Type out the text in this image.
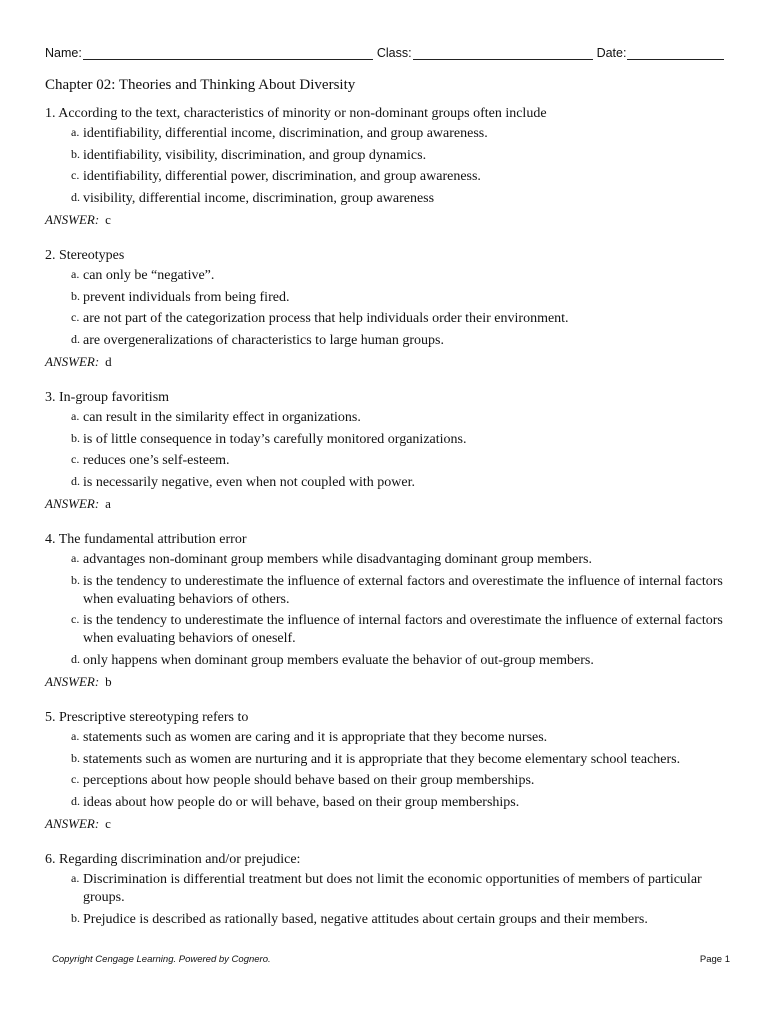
Name:	Class:	Date:
Chapter 02: Theories and Thinking About Diversity
1. According to the text, characteristics of minority or non-dominant groups often include
a. identifiability, differential income, discrimination, and group awareness.
b. identifiability, visibility, discrimination, and group dynamics.
c. identifiability, differential power, discrimination, and group awareness.
d. visibility, differential income, discrimination, group awareness
ANSWER: c
2. Stereotypes
a. can only be “negative”.
b. prevent individuals from being fired.
c. are not part of the categorization process that help individuals order their environment.
d. are overgeneralizations of characteristics to large human groups.
ANSWER: d
3. In-group favoritism
a. can result in the similarity effect in organizations.
b. is of little consequence in today’s carefully monitored organizations.
c. reduces one’s self-esteem.
d. is necessarily negative, even when not coupled with power.
ANSWER: a
4. The fundamental attribution error
a. advantages non-dominant group members while disadvantaging dominant group members.
b. is the tendency to underestimate the influence of external factors and overestimate the influence of internal factors when evaluating behaviors of others.
c. is the tendency to underestimate the influence of internal factors and overestimate the influence of external factors when evaluating behaviors of oneself.
d. only happens when dominant group members evaluate the behavior of out-group members.
ANSWER: b
5. Prescriptive stereotyping refers to
a. statements such as women are caring and it is appropriate that they become nurses.
b. statements such as women are nurturing and it is appropriate that they become elementary school teachers.
c. perceptions about how people should behave based on their group memberships.
d. ideas about how people do or will behave, based on their group memberships.
ANSWER: c
6. Regarding discrimination and/or prejudice:
a. Discrimination is differential treatment but does not limit the economic opportunities of members of particular groups.
b. Prejudice is described as rationally based, negative attitudes about certain groups and their members.
Copyright Cengage Learning. Powered by Cognero.	Page 1
